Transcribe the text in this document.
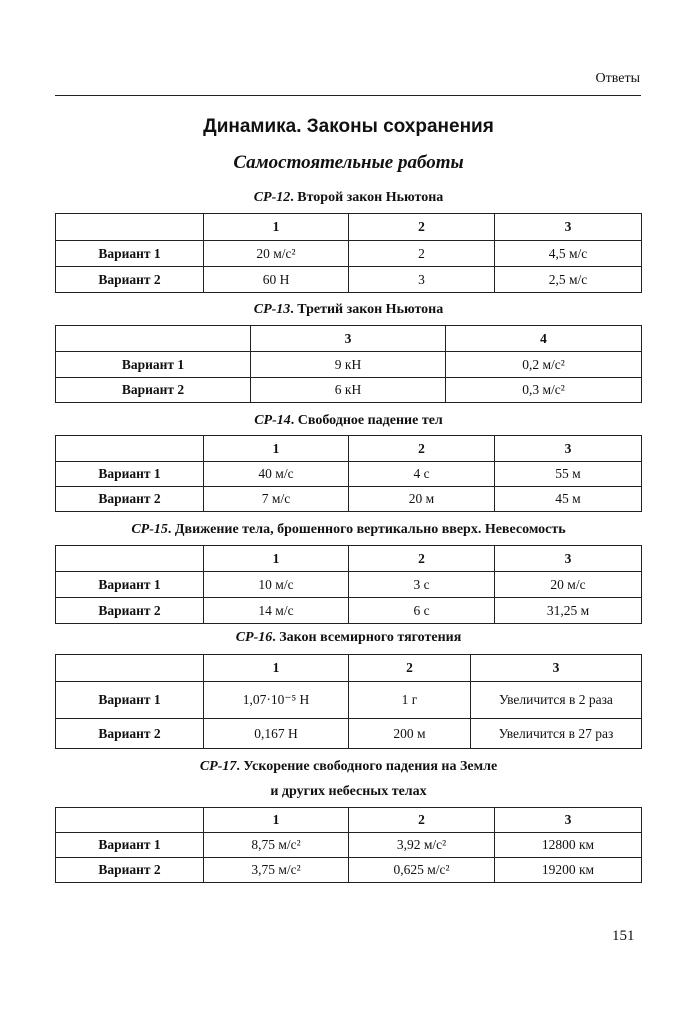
Ответы
Динамика. Законы сохранения
Самостоятельные работы
СР-12. Второй закон Ньютона
	1	2	3
Вариант 1	20 м/с²	2	4,5 м/с
Вариант 2	60 Н	3	2,5 м/с
СР-13. Третий закон Ньютона
	3	4
Вариант 1	9 кН	0,2 м/с²
Вариант 2	6 кН	0,3 м/с²
СР-14. Свободное падение тел
	1	2	3
Вариант 1	40 м/с	4 с	55 м
Вариант 2	7 м/с	20 м	45 м
СР-15. Движение тела, брошенного вертикально вверх. Невесомость
	1	2	3
Вариант 1	10 м/с	3 с	20 м/с
Вариант 2	14 м/с	6 с	31,25 м
СР-16. Закон всемирного тяготения
	1	2	3
Вариант 1	1,07·10⁻⁵ Н	1 г	Увеличится в 2 раза
Вариант 2	0,167 Н	200 м	Увеличится в 27 раз
СР-17. Ускорение свободного падения на Земле
и других небесных телах
	1	2	3
Вариант 1	8,75 м/с²	3,92 м/с²	12800 км
Вариант 2	3,75 м/с²	0,625 м/с²	19200 км
151
